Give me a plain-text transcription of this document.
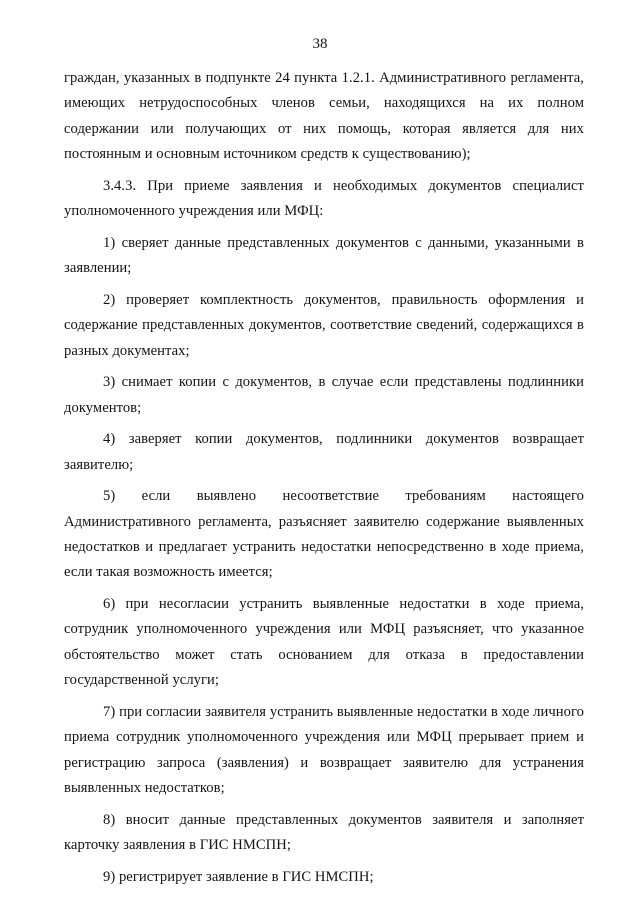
38

граждан, указанных в подпункте 24 пункта 1.2.1. Административного регламента, имеющих нетрудоспособных членов семьи, находящихся на их полном содержании или получающих от них помощь, которая является для них постоянным и основным источником средств к существованию);

3.4.3. При приеме заявления и необходимых документов специалист уполномоченного учреждения или МФЦ:

1) сверяет данные представленных документов с данными, указанными в заявлении;

2) проверяет комплектность документов, правильность оформления и содержание представленных документов, соответствие сведений, содержащихся в разных документах;

3) снимает копии с документов, в случае если представлены подлинники документов;

4) заверяет копии документов, подлинники документов возвращает заявителю;

5) если выявлено несоответствие требованиям настоящего Административного регламента, разъясняет заявителю содержание выявленных недостатков и предлагает устранить недостатки непосредственно в ходе приема, если такая возможность имеется;

6) при несогласии устранить выявленные недостатки в ходе приема, сотрудник уполномоченного учреждения или МФЦ разъясняет, что указанное обстоятельство может стать основанием для отказа в предоставлении государственной услуги;

7) при согласии заявителя устранить выявленные недостатки в ходе личного приема сотрудник уполномоченного учреждения или МФЦ прерывает прием и регистрацию запроса (заявления) и возвращает заявителю для устранения выявленных недостатков;

8) вносит данные представленных документов заявителя и заполняет карточку заявления в ГИС НМСПН;

9) регистрирует заявление в ГИС НМСПН;
